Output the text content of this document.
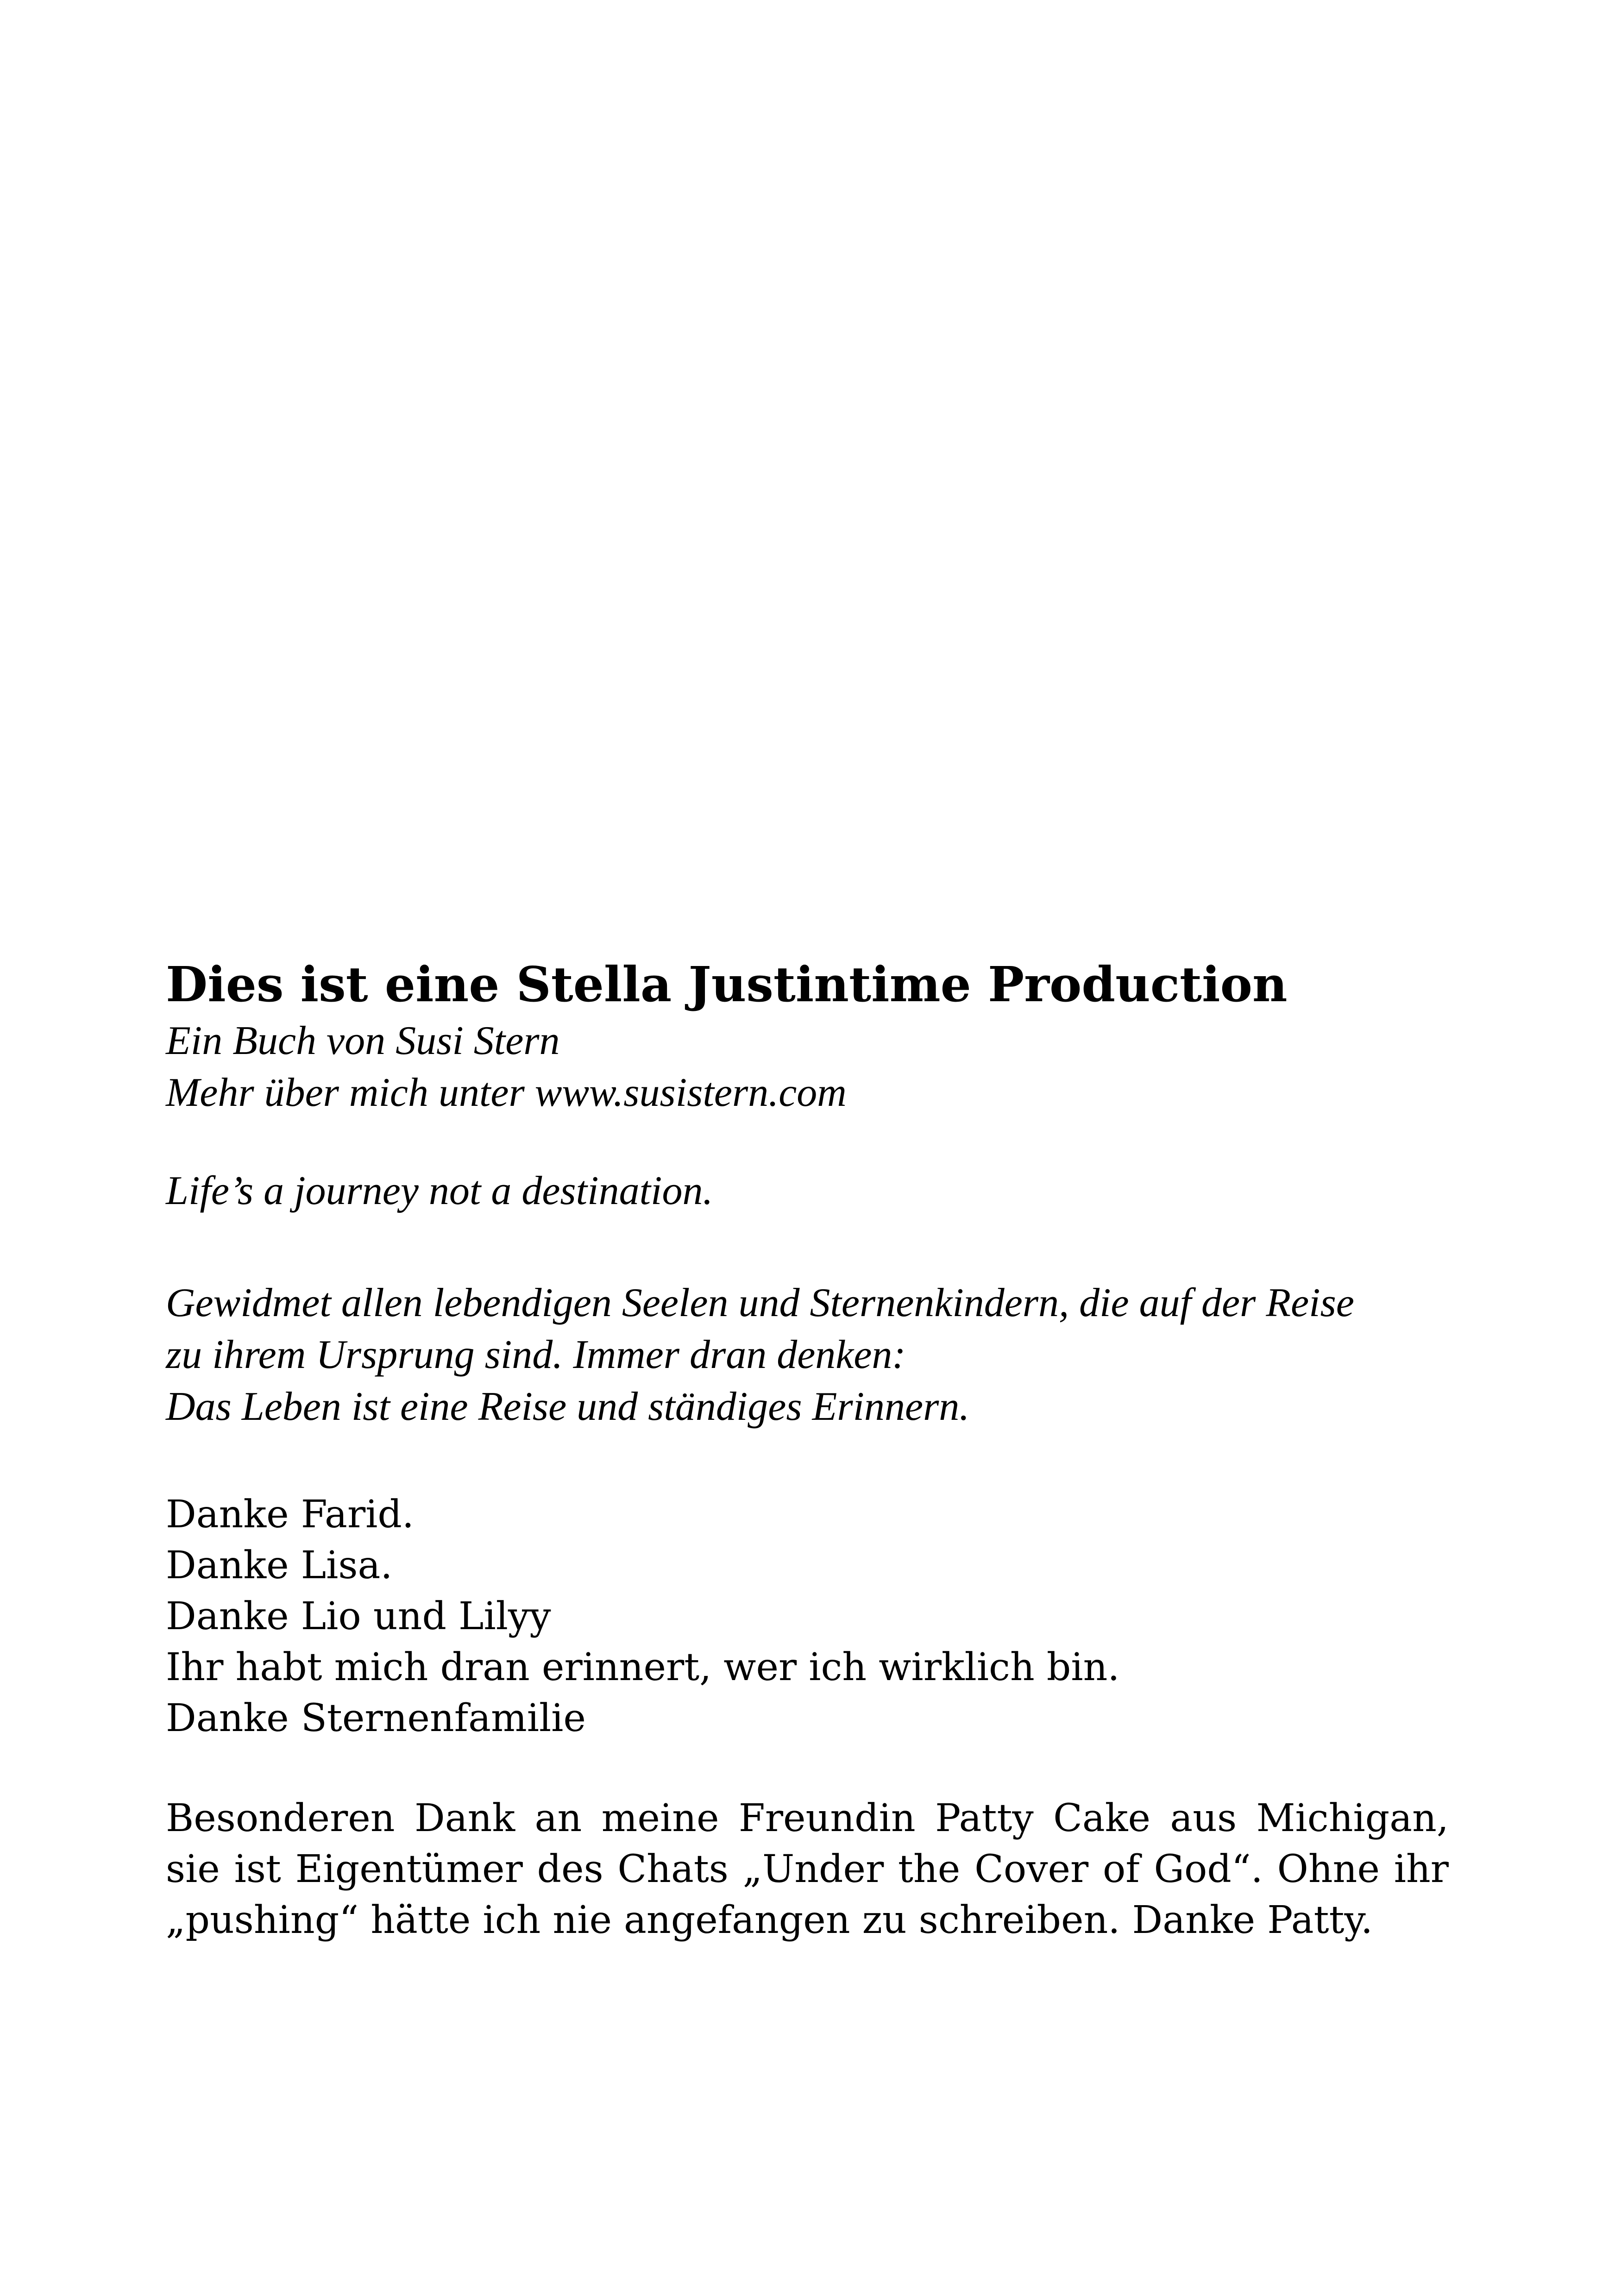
Dies ist eine Stella Justintime Production

Ein Buch von Susi Stern

Mehr über mich unter www.susistern.com

Life’s a journey not a destination.

Gewidmet allen lebendigen Seelen und Sternenkindern, die auf der Reise
zu ihrem Ursprung sind. Immer dran denken:
Das Leben ist eine Reise und ständiges Erinnern.

Danke Farid.
Danke Lisa.
Danke Lio und Lilyy
Ihr habt mich dran erinnert, wer ich wirklich bin.
Danke Sternenfamilie

Besonderen Dank an meine Freundin Patty Cake aus Michigan, sie ist Eigentümer des Chats „Under the Cover of God“. Ohne ihr „pushing“ hätte ich nie angefangen zu schreiben. Danke Patty.
